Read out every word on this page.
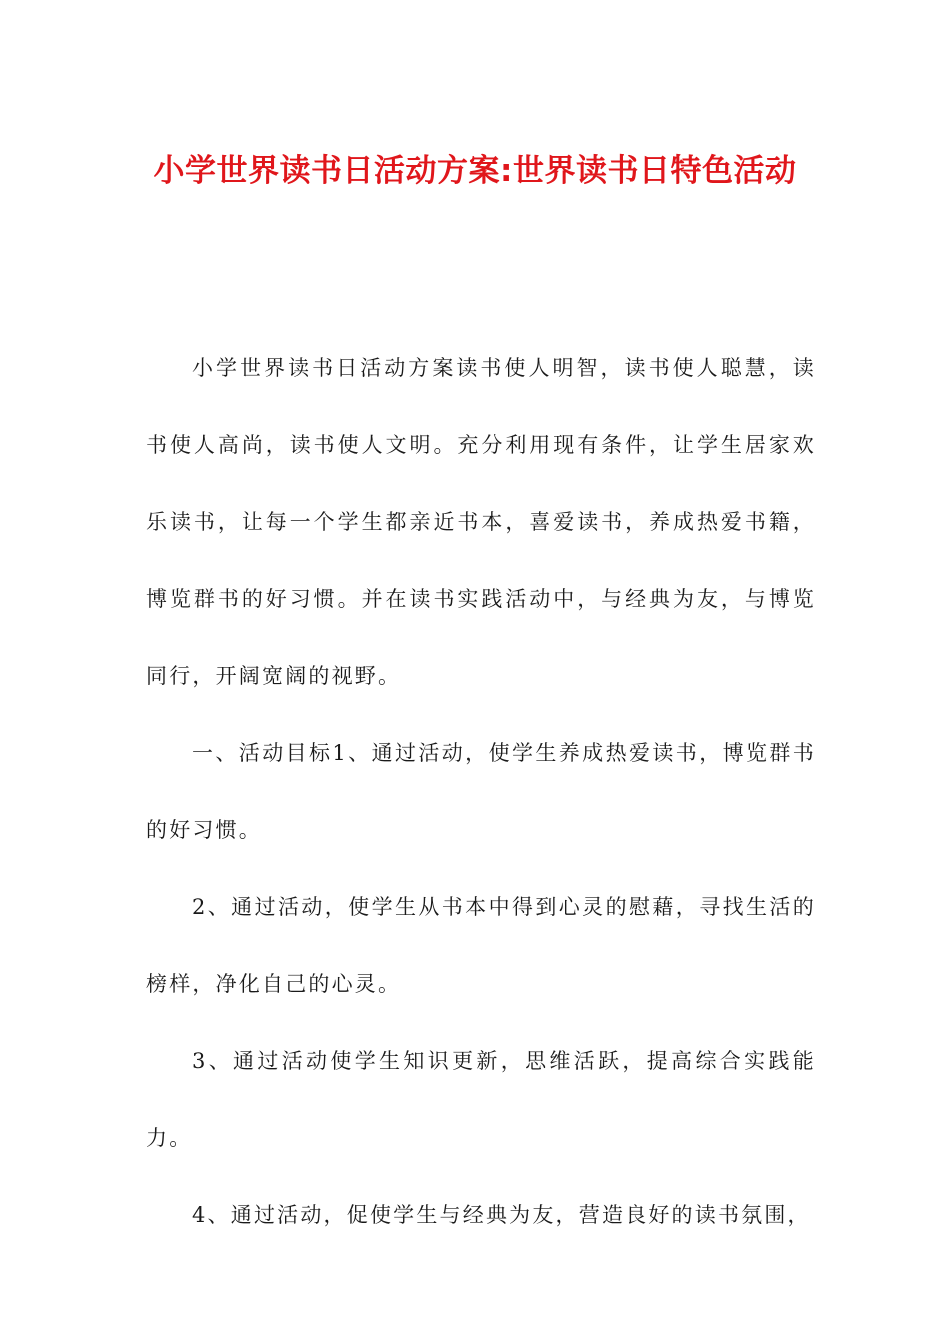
小学世界读书日活动方案:世界读书日特色活动

小学世界读书日活动方案读书使人明智，读书使人聪慧，读书使人高尚，读书使人文明。充分利用现有条件，让学生居家欢乐读书，让每一个学生都亲近书本，喜爱读书，养成热爱书籍，博览群书的好习惯。并在读书实践活动中，与经典为友，与博览同行，开阔宽阔的视野。

一、活动目标1、通过活动，使学生养成热爱读书，博览群书的好习惯。

2、通过活动，使学生从书本中得到心灵的慰藉，寻找生活的榜样，净化自己的心灵。

3、通过活动使学生知识更新，思维活跃，提高综合实践能力。

4、通过活动，促使学生与经典为友，营造良好的读书氛围，
